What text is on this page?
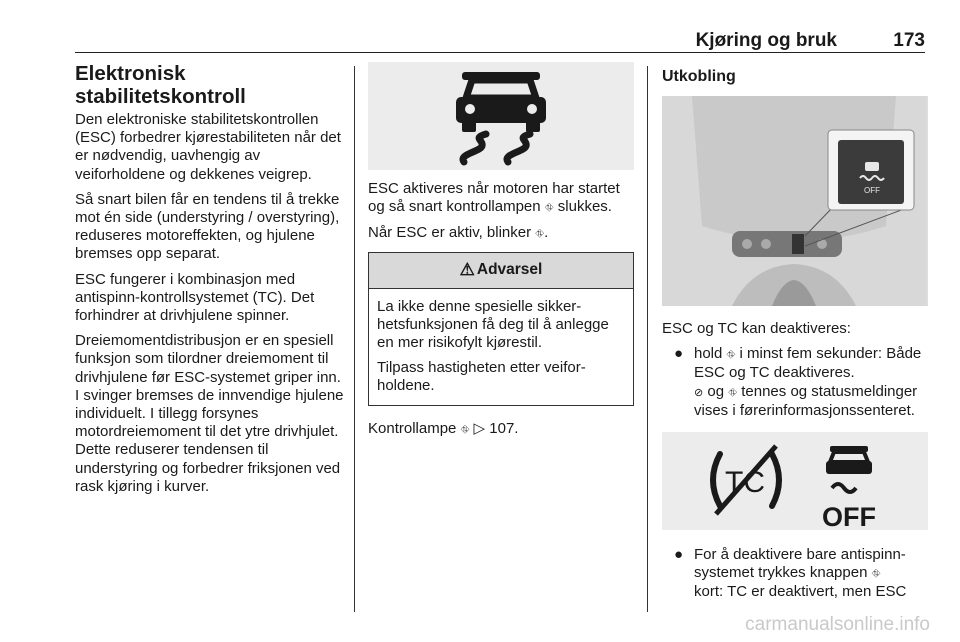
Kjøring og bruk	173
Elektronisk stabilitetskontroll

Den elektroniske stabilitetskontrollen (ESC) forbedrer kjørestabiliteten når det er nødvendig, uavhengig av veiforholdene og dekkenes veigrep.

Så snart bilen får en tendens til å trekke mot én side (understyring / overstyring), reduseres motoreffekten, og hjulene bremses opp separat.

ESC fungerer i kombinasjon med antispinn-kontrollsystemet (TC). Det forhindrer at drivhjulene spinner.

Dreiemomentdistribusjon er en spesiell funksjon som tilordner dreiemoment til drivhjulene før ESC-systemet griper inn. I svinger bremses de innvendige hjulene individuelt. I tillegg forsynes motordreiemoment til det ytre drivhjulet. Dette reduserer tendensen til understyring og forbedrer friksjonen ved rask kjøring i kurver.

ESC aktiveres når motoren har startet og så snart kontrollampen ⛗ slukkes.

Når ESC er aktiv, blinker ⛗.

⚠ Advarsel

La ikke denne spesielle sikkerhetsfunksjonen få deg til å anlegge en mer risikofylt kjørestil.

Tilpass hastigheten etter veiforholdene.

Kontrollampe ⛗ ▷ 107.

Utkobling
OFF

ESC og TC kan deaktiveres:

● hold ⛗ i minst fem sekunder: Både ESC og TC deaktiveres.
⊘ og ⛗ tennes og statusmeldinger vises i førerinformasjonssenteret.
TC
OFF
● For å deaktivere bare antispinn-systemet trykkes knappen ⛗
kort: TC er deaktivert, men ESC
carmanualsonline.info
